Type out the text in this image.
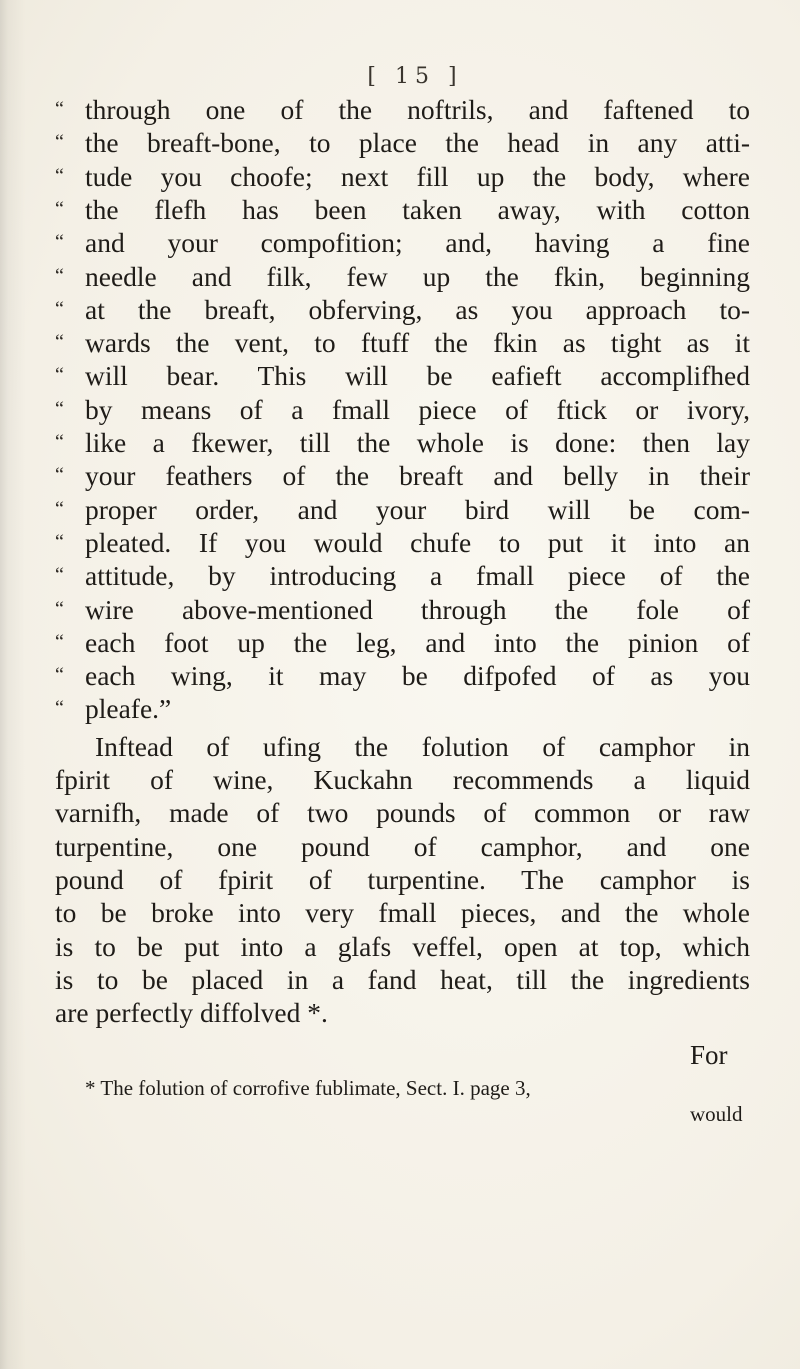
[ 15 ]
“ through one of the noftrils, and faftened to
“ the breaft-bone, to place the head in any atti-
“ tude you choofe; next fill up the body, where
“ the flefh has been taken away, with cotton
“ and your compofition; and, having a fine
“ needle and filk, few up the fkin, beginning
“ at the breaft, obferving, as you approach to-
“ wards the vent, to ftuff the fkin as tight as it
“ will bear. This will be eafieft accomplifhed
“ by means of a fmall piece of ftick or ivory,
“ like a fkewer, till the whole is done: then lay
“ your feathers of the breaft and belly in their
“ proper order, and your bird will be com-
“ pleated. If you would chufe to put it into an
“ attitude, by introducing a fmall piece of the
“ wire above-mentioned through the fole of
“ each foot up the leg, and into the pinion of
“ each wing, it may be difpofed of as you
“ pleafe.”
Inftead of ufing the folution of camphor in
fpirit of wine, Kuckahn recommends a liquid
varnifh, made of two pounds of common or raw
turpentine, one pound of camphor, and one
pound of fpirit of turpentine. The camphor is
to be broke into very fmall pieces, and the whole
is to be put into a glafs veffel, open at top, which
is to be placed in a fand heat, till the ingredients
are perfectly diffolved *.
For
* The folution of corrofive fublimate, Sect. I. page 3,
would
